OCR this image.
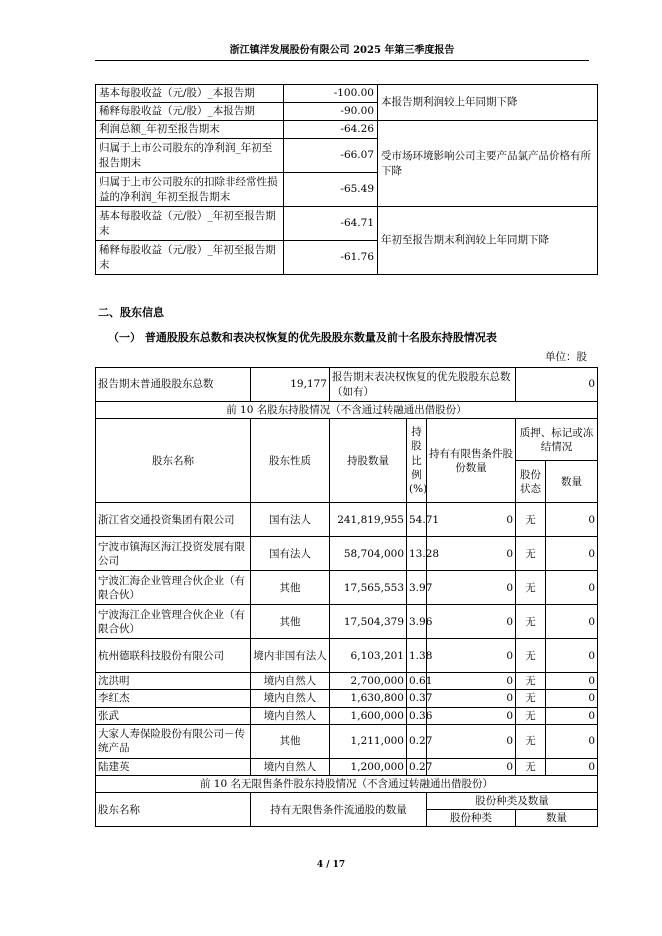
浙江镇洋发展股份有限公司 2025 年第三季度报告
基本每股收益（元/股）_本报告期	-100.00	本报告期利润较上年同期下降
稀释每股收益（元/股）_本报告期	-90.00	
利润总额_年初至报告期末	-64.26	受市场环境影响公司主要产品氯产品价格有所下降
归属于上市公司股东的净利润_年初至报告期末	-66.07	
归属于上市公司股东的扣除非经常性损益的净利润_年初至报告期末	-65.49	
基本每股收益（元/股）_年初至报告期末	-64.71	年初至报告期末利润较上年同期下降
稀释每股收益（元/股）_年初至报告期末	-61.76	
二、股东信息
（一） 普通股股东总数和表决权恢复的优先股股东数量及前十名股东持股情况表
单位：股
报告期末普通股股东总数	19,177	报告期末表决权恢复的优先股股东总数（如有）			0	
前 10 名股东持股情况（不含通过转融通出借股份）						
股东名称	股东性质	持股数量	持股比例(%)	持有有限售条件股份数量	质押、标记或冻结情况	
					股份状态	数量
浙江省交通投资集团有限公司	国有法人	241,819,955	54.71	0	无	0
宁波市镇海区海江投资发展有限公司	国有法人	58,704,000	13.28	0	无	0
宁波汇海企业管理合伙企业（有限合伙）	其他	17,565,553	3.97	0	无	0
宁波海江企业管理合伙企业（有限合伙）	其他	17,504,379	3.96	0	无	0
杭州德联科技股份有限公司	境内非国有法人	6,103,201	1.38	0	无	0
沈洪明	境内自然人	2,700,000	0.61	0	无	0
李红杰	境内自然人	1,630,800	0.37	0	无	0
张武	境内自然人	1,600,000	0.36	0	无	0
大家人寿保险股份有限公司－传统产品	其他	1,211,000	0.27	0	无	0
陆建英	境内自然人	1,200,000	0.27	0	无	0
前 10 名无限售条件股东持股情况（不含通过转融通出借股份）						
股东名称	持有无限售条件流通股的数量			股份种类及数量		
				股份种类	数量	
4 / 17
